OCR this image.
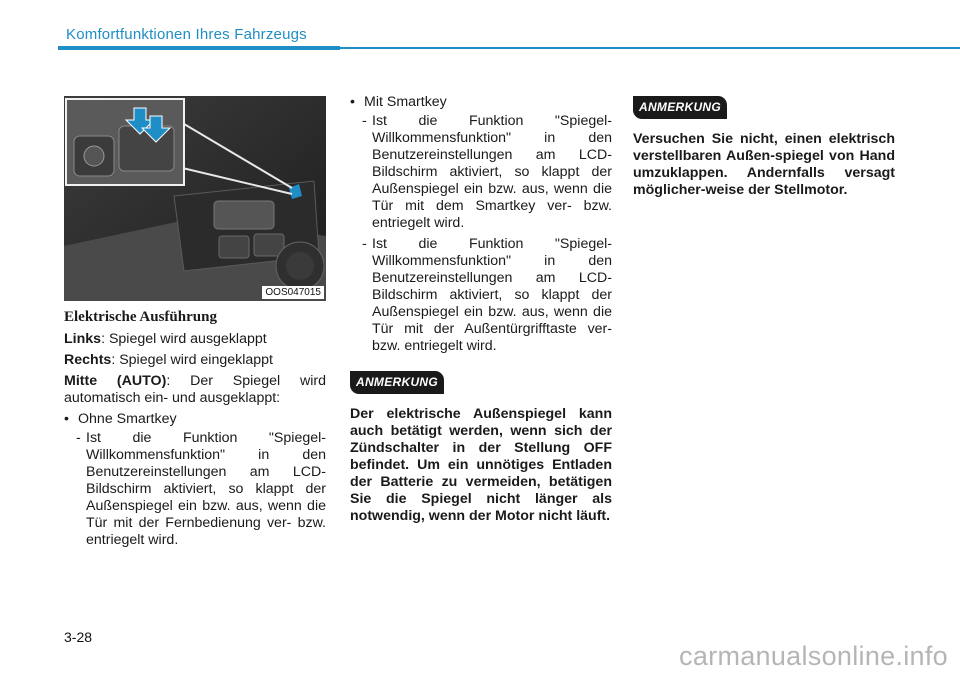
Komfortfunktionen Ihres Fahrzeugs
OOS047015
Elektrische Ausführung

Links: Spiegel wird ausgeklappt

Rechts: Spiegel wird eingeklappt

Mitte (AUTO): Der Spiegel wird automatisch ein- und ausgeklappt:

• Ohne Smartkey
- Ist die Funktion "Spiegel-Willkommensfunktion" in den Benutzereinstellungen am LCD-Bildschirm aktiviert, so klappt der Außenspiegel ein bzw. aus, wenn die Tür mit der Fernbedienung ver- bzw. entriegelt wird.
• Mit Smartkey
- Ist die Funktion "Spiegel-Willkommensfunktion" in den Benutzereinstellungen am LCD-Bildschirm aktiviert, so klappt der Außenspiegel ein bzw. aus, wenn die Tür mit dem Smartkey ver- bzw. entriegelt wird.
- Ist die Funktion "Spiegel-Willkommensfunktion" in den Benutzereinstellungen am LCD-Bildschirm aktiviert, so klappt der Außenspiegel ein bzw. aus, wenn die Tür mit der Außentürgrifftaste ver- bzw. entriegelt wird.
ANMERKUNG
Der elektrische Außenspiegel kann auch betätigt werden, wenn sich der Zündschalter in der Stellung OFF befindet. Um ein unnötiges Entladen der Batterie zu vermeiden, betätigen Sie die Spiegel nicht länger als notwendig, wenn der Motor nicht läuft.
ANMERKUNG
Versuchen Sie nicht, einen elektrisch verstellbaren Außen-spiegel von Hand umzuklappen. Andernfalls versagt möglicher-weise der Stellmotor.
3-28
carmanualsonline.info
